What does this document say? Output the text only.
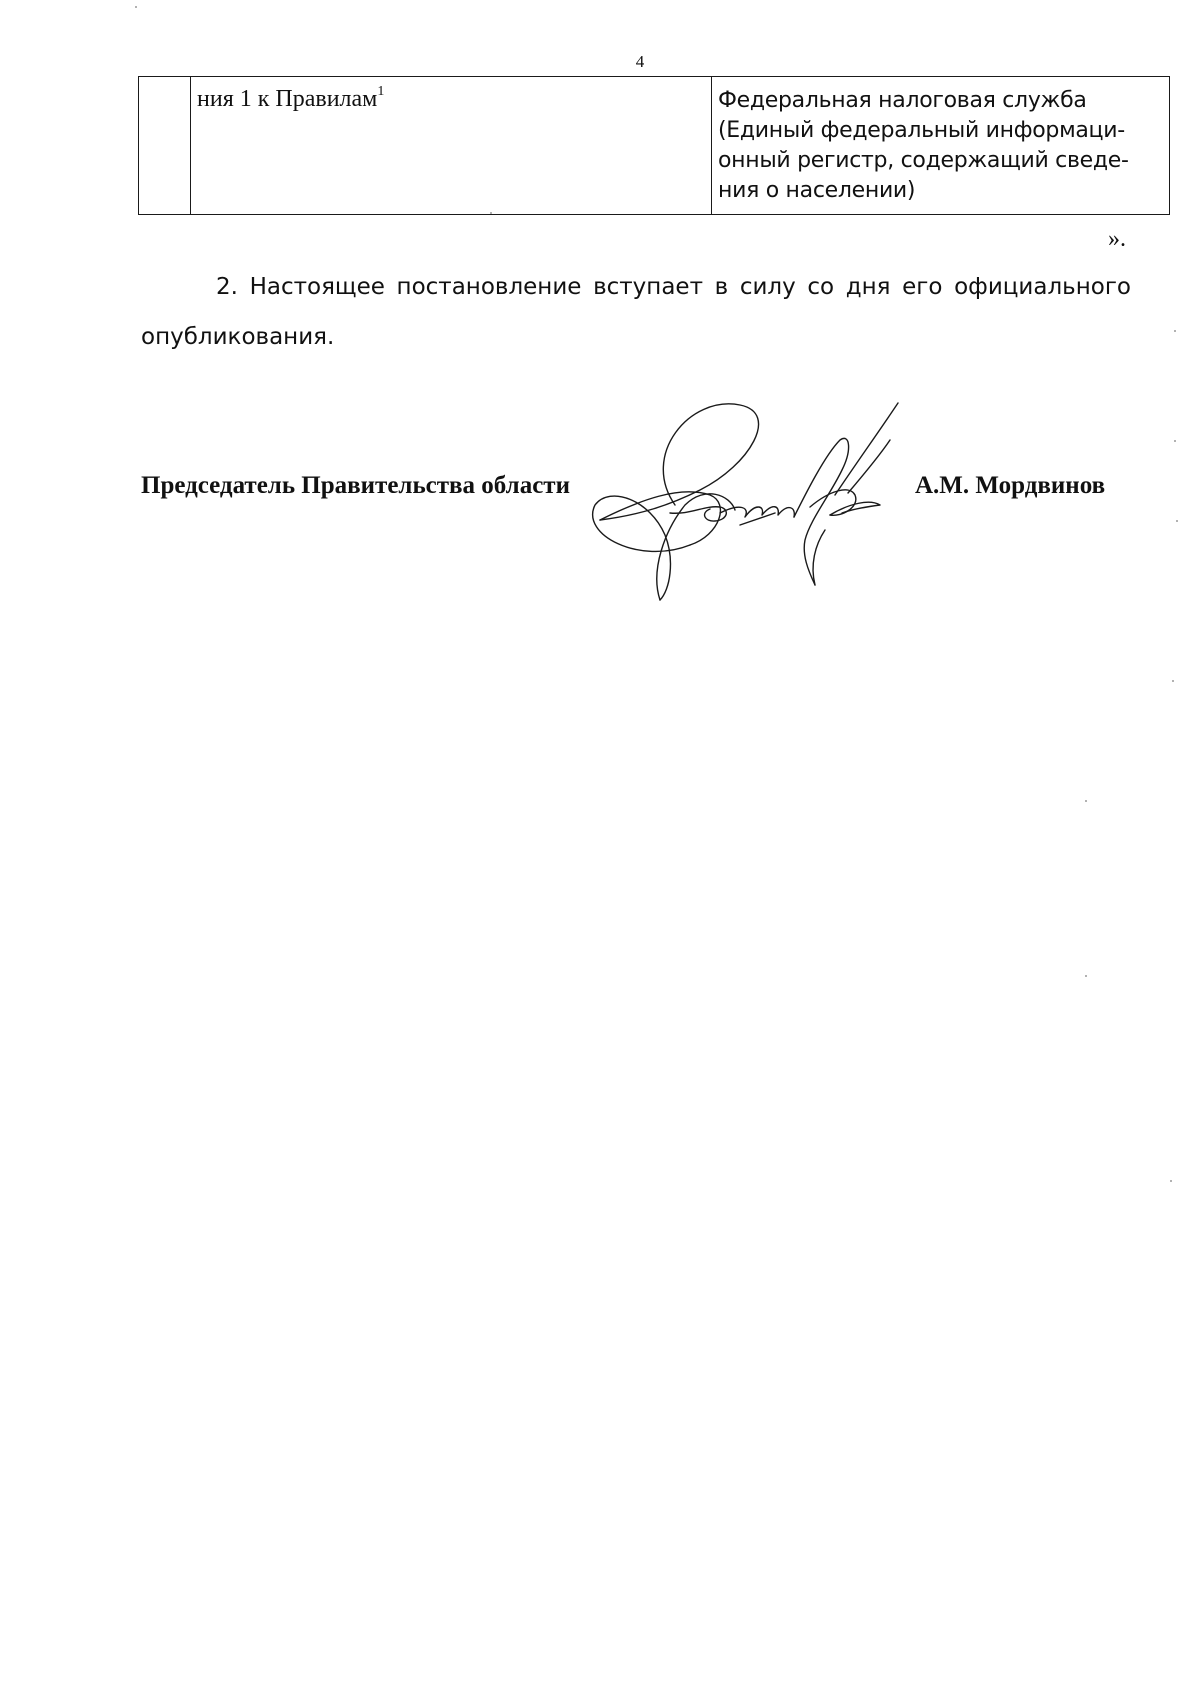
4

ния 1 к Правилам$^1$	Федеральная налоговая служба
(Единый федеральный информаци-
онный регистр, содержащий сведе-
ния о населении)
».

2. Настоящее постановление вступает в силу со дня его официального
опубликования.

Председатель Правительства области	А.М. Мордвинов
